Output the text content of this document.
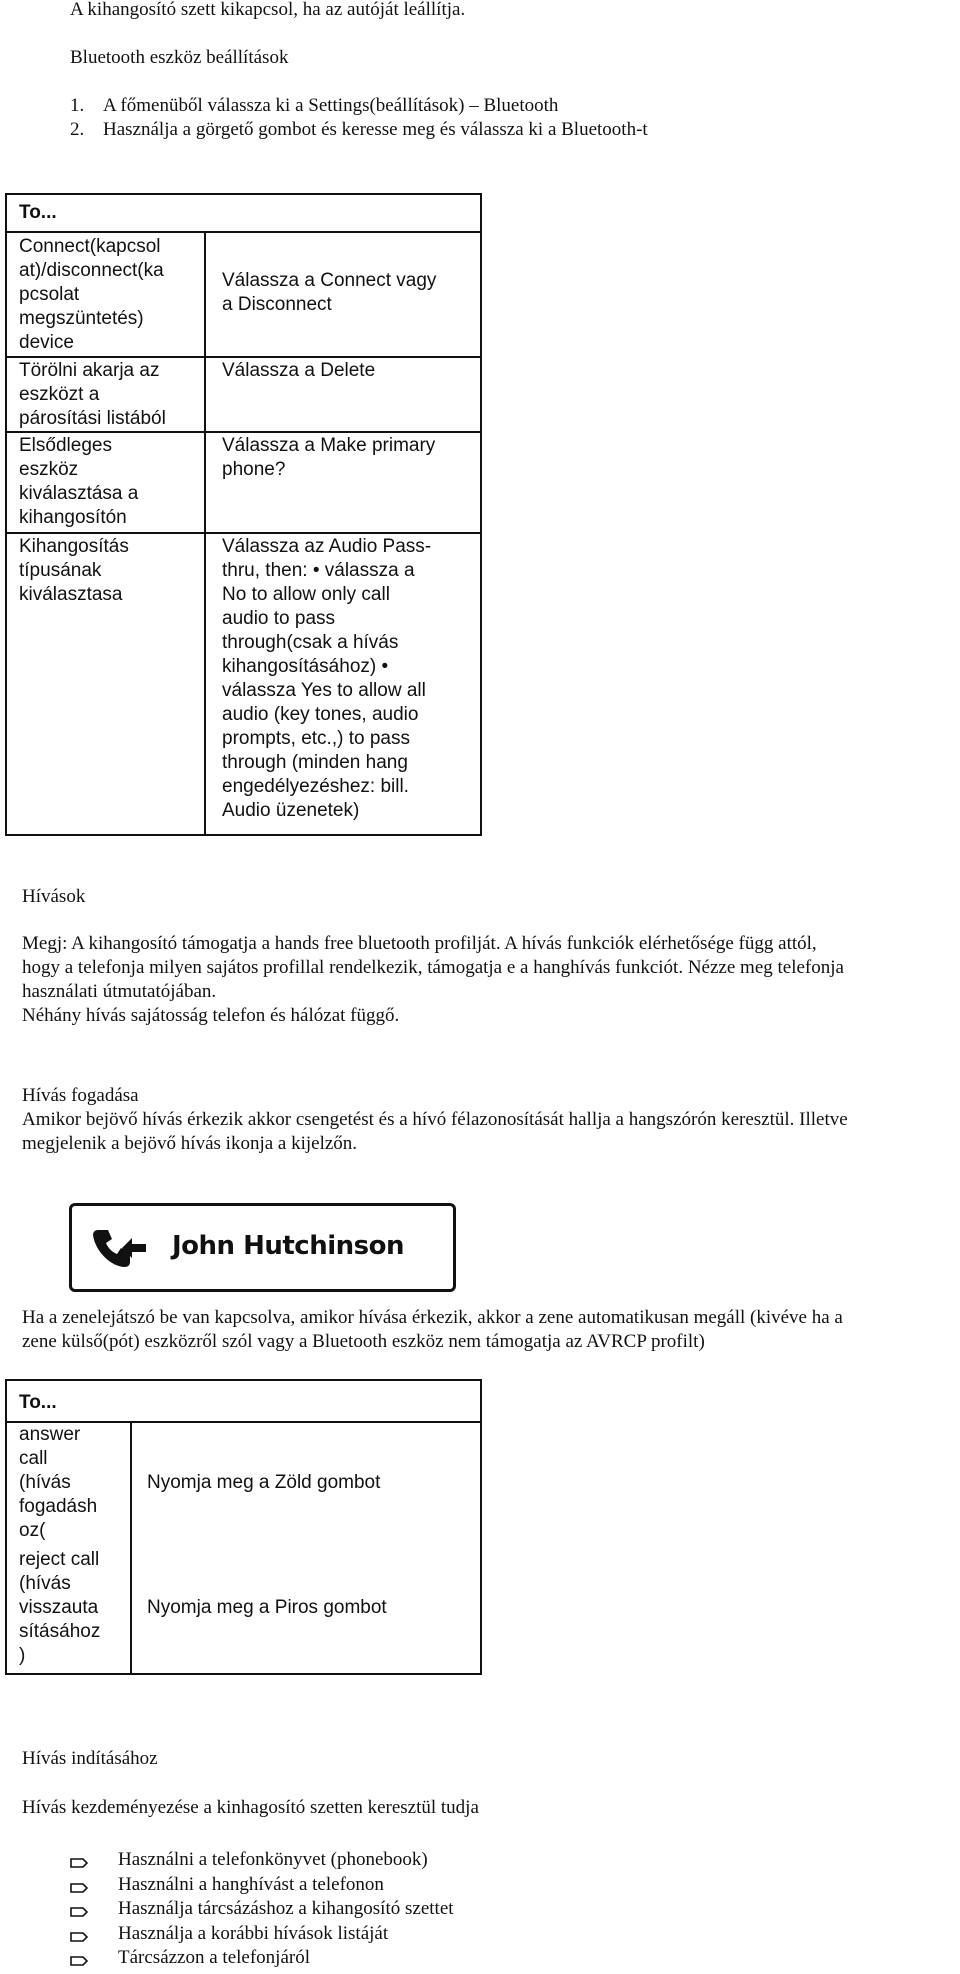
A kihangosító szett kikapcsol, ha az autóját leállítja.
Bluetooth eszköz beállítások
1. A főmenüből válassza ki a Settings(beállítások) – Bluetooth
2. Használja a görgető gombot és keresse meg és válassza ki a Bluetooth-t
To...
Connect(kapcsol
at)/disconnect(ka
pcsolat
megszüntetés)
device
Válassza a Connect vagy
a Disconnect
Törölni akarja az
eszközt a
párosítási listából
Válassza a Delete
Elsődleges
eszköz
kiválasztása a
kihangosítón
Válassza a Make primary
phone?
Kihangosítás
típusának
kiválasztasa
Válassza az Audio Pass-
thru, then: • válassza a
No to allow only call
audio to pass
through(csak a hívás
kihangosításához) •
válassza Yes to allow all
audio (key tones, audio
prompts, etc.,) to pass
through (minden hang
engedélyezéshez: bill.
Audio üzenetek)
Hívások
Megj: A kihangosító támogatja a hands free bluetooth profilját. A hívás funkciók elérhetősége függ attól,
hogy a telefonja milyen sajátos profillal rendelkezik, támogatja e a hanghívás funkciót. Nézze meg telefonja
használati útmutatójában.
Néhány hívás sajátosság telefon és hálózat függő.
Hívás fogadása
Amikor bejövő hívás érkezik akkor csengetést és a hívó félazonosítását hallja a hangszórón keresztül. Illetve
megjelenik a bejövő hívás ikonja a kijelzőn.
John Hutchinson
Ha a zenelejátszó be van kapcsolva, amikor hívása érkezik, akkor a zene automatikusan megáll (kivéve ha a
zene külső(pót) eszközről szól vagy a Bluetooth eszköz nem támogatja az AVRCP profilt)
To...
answer
call
(hívás
fogadásh
oz(
Nyomja meg a Zöld gombot
reject call
(hívás
visszauta
sításához
)
Nyomja meg a Piros gombot
Hívás indításához
Hívás kezdeményezése a kinhagosító szetten keresztül tudja
Használni a telefonkönyvet (phonebook)
Használni a hanghívást a telefonon
Használja tárcsázáshoz a kihangosító szettet
Használja a korábbi hívások listáját
Tárcsázzon a telefonjáról
